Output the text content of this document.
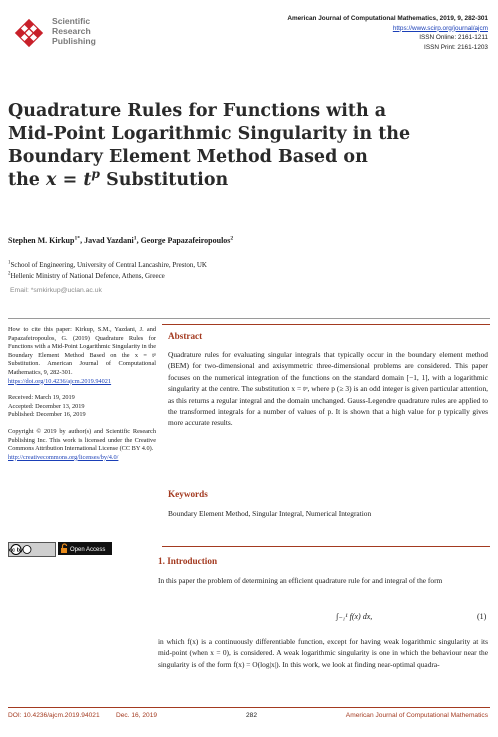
Scientific
Research
Publishing
American Journal of Computational Mathematics, 2019, 9, 282-301
https://www.scirp.org/journal/ajcm
ISSN Online: 2161-1211
ISSN Print: 2161-1203
Quadrature Rules for Functions with a
Mid-Point Logarithmic Singularity in the
Boundary Element Method Based on
the $x = t^p$ Substitution
Stephen M. Kirkup$^{1*}$, Javad Yazdani$^1$, George Papazafeiropoulos$^2$
$^1$School of Engineering, University of Central Lancashire, Preston, UK
$^2$Hellenic Ministry of National Defence, Athens, Greece
Email: *smkirkup@uclan.ac.uk

How to cite this paper: Kirkup, S.M., Yazdani, J. and Papazafeiropoulos, G. (2019) Quadrature Rules for Functions with a Mid-Point Logarithmic Singularity in the Boundary Element Method Based on the x = tᵖ Substitution. American Journal of Computational Mathematics, 9, 282-301.
https://doi.org/10.4236/ajcm.2019.94021

Received: March 19, 2019
Accepted: December 13, 2019
Published: December 16, 2019

Copyright © 2019 by author(s) and Scientific Research Publishing Inc. This work is licensed under the Creative Commons Attribution International License (CC BY 4.0).
http://creativecommons.org/licenses/by/4.0/

cc by	Open Access
Abstract
Quadrature rules for evaluating singular integrals that typically occur in the boundary element method (BEM) for two-dimensional and axisymmetric three-dimensional problems are considered. This paper focuses on the numerical integration of the functions on the standard domain [−1, 1], with a logarithmic singularity at the centre. The substitution x = tᵖ, where p (≥ 3) is an odd integer is given particular attention, as this returns a regular integral and the domain unchanged. Gauss-Legendre quadrature rules are applied to the transformed integrals for a number of values of p. It is shown that a high value for p typically gives more accurate results.
Keywords
Boundary Element Method, Singular Integral, Numerical Integration
1. Introduction
In this paper the problem of determining an efficient quadrature rule for and integral of the form
∫₋₁¹ f(x) dx,	(1)
in which f(x) is a continuously differentiable function, except for having weak logarithmic singularity at its mid-point (when x = 0), is considered. A weak logarithmic singularity is one in which the behaviour near the singularity is of the form f(x) = O(log|x|). In this work, we look at finding near-optimal quadra-
DOI: 10.4236/ajcm.2019.94021 Dec. 16, 2019	282	American Journal of Computational Mathematics
